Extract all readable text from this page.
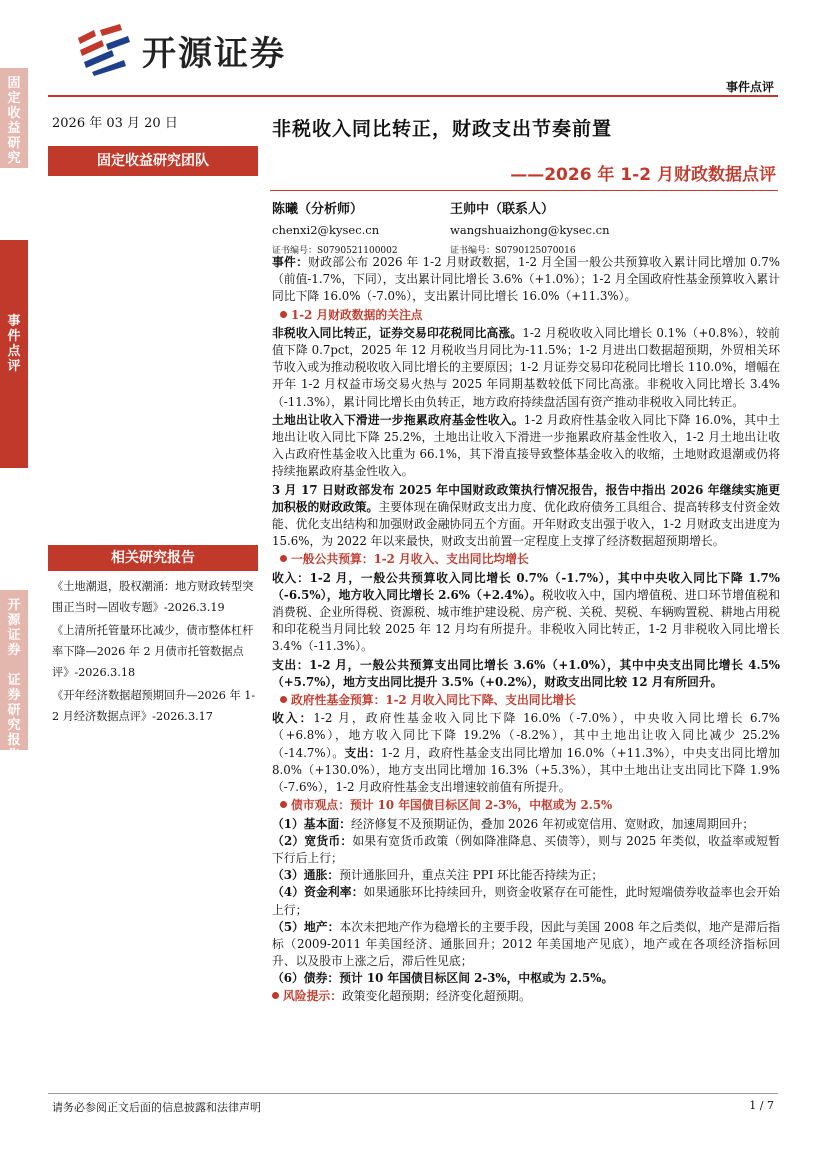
固
定
收
益
研
究
事
件
点
评
开
源
证
券

证
券
研
究
报
告
开源证券
事件点评
2026 年 03 月 20 日
固定收益研究团队
相关研究报告
《土地潮退，股权潮涌：地方财政转型突围正当时—固收专题》-2026.3.19
《上清所托管量环比减少，债市整体杠杆率下降—2026 年 2 月债市托管数据点评》-2026.3.18
《开年经济数据超预期回升—2026 年 1-2 月经济数据点评》-2026.3.17
非税收入同比转正，财政支出节奏前置
——2026 年 1-2 月财政数据点评
陈曦（分析师）
chenxi2@kysec.cn
证书编号：S0790521100002
王帅中（联系人）
wangshuaizhong@kysec.cn
证书编号：S0790125070016

事件：财政部公布 2026 年 1-2 月财政数据，1-2 月全国一般公共预算收入累计同比增加 0.7%（前值-1.7%，下同），支出累计同比增长 3.6%（+1.0%）；1-2 月全国政府性基金预算收入累计同比下降 16.0%（-7.0%），支出累计同比增长 16.0%（+11.3%）。

1-2 月财政数据的关注点

非税收入同比转正，证券交易印花税同比高涨。1-2 月税收收入同比增长 0.1%（+0.8%），较前值下降 0.7pct，2025 年 12 月税收当月同比为-11.5%；1-2 月进出口数据超预期，外贸相关环节收入或为推动税收收入同比增长的主要原因；1-2 月证券交易印花税同比增长 110.0%，增幅在开年 1-2 月权益市场交易火热与 2025 年同期基数较低下同比高涨。非税收入同比增长 3.4%（-11.3%），累计同比增长由负转正，地方政府持续盘活国有资产推动非税收入同比转正。

土地出让收入下滑进一步拖累政府基金性收入。1-2 月政府性基金收入同比下降 16.0%，其中土地出让收入同比下降 25.2%，土地出让收入下滑进一步拖累政府基金性收入，1-2 月土地出让收入占政府性基金收入比重为 66.1%，其下滑直接导致整体基金收入的收缩，土地财政退潮或仍将持续拖累政府基金性收入。

3 月 17 日财政部发布 2025 年中国财政政策执行情况报告，报告中指出 2026 年继续实施更加积极的财政政策。主要体现在确保财政支出力度、优化政府债务工具组合、提高转移支付资金效能、优化支出结构和加强财政金融协同五个方面。开年财政支出强于收入，1-2 月财政支出进度为 15.6%，为 2022 年以来最快，财政支出前置一定程度上支撑了经济数据超预期增长。

一般公共预算：1-2 月收入、支出同比均增长

收入：1-2 月，一般公共预算收入同比增长 0.7%（-1.7%），其中中央收入同比下降 1.7%（-6.5%），地方收入同比增长 2.6%（+2.4%）。税收收入中，国内增值税、进口环节增值税和消费税、企业所得税、资源税、城市维护建设税、房产税、关税、契税、车辆购置税、耕地占用税和印花税当月同比较 2025 年 12 月均有所提升。非税收入同比转正，1-2 月非税收入同比增长 3.4%（-11.3%）。

支出：1-2 月，一般公共预算支出同比增长 3.6%（+1.0%），其中中央支出同比增长 4.5%（+5.7%），地方支出同比提升 3.5%（+0.2%），财政支出同比较 12 月有所回升。

政府性基金预算：1-2 月收入同比下降、支出同比增长

收入：1-2 月，政府性基金收入同比下降 16.0%（-7.0%），中央收入同比增长 6.7%（+6.8%），地方收入同比下降 19.2%（-8.2%），其中土地出让收入同比减少 25.2%（-14.7%）。支出：1-2 月，政府性基金支出同比增加 16.0%（+11.3%），中央支出同比增加 8.0%（+130.0%），地方支出同比增加 16.3%（+5.3%），其中土地出让支出同比下降 1.9%（-7.6%），1-2 月政府性基金支出增速较前值有所提升。

债市观点：预计 10 年国债目标区间 2-3%，中枢或为 2.5%

（1）基本面：经济修复不及预期证伪，叠加 2026 年初或宽信用、宽财政，加速周期回升；

（2）宽货币：如果有宽货币政策（例如降准降息、买债等），则与 2025 年类似，收益率或短暂下行后上行；

（3）通胀：预计通胀回升，重点关注 PPI 环比能否持续为正；

（4）资金利率：如果通胀环比持续回升，则资金收紧存在可能性，此时短端债券收益率也会开始上行；

（5）地产：本次未把地产作为稳增长的主要手段，因此与美国 2008 年之后类似，地产是滞后指标（2009-2011 年美国经济、通胀回升；2012 年美国地产见底），地产或在各项经济指标回升、以及股市上涨之后，滞后性见底；

（6）债券：预计 10 年国债目标区间 2-3%，中枢或为 2.5%。

风险提示：政策变化超预期；经济变化超预期。

请务必参阅正文后面的信息披露和法律声明	1 / 7
